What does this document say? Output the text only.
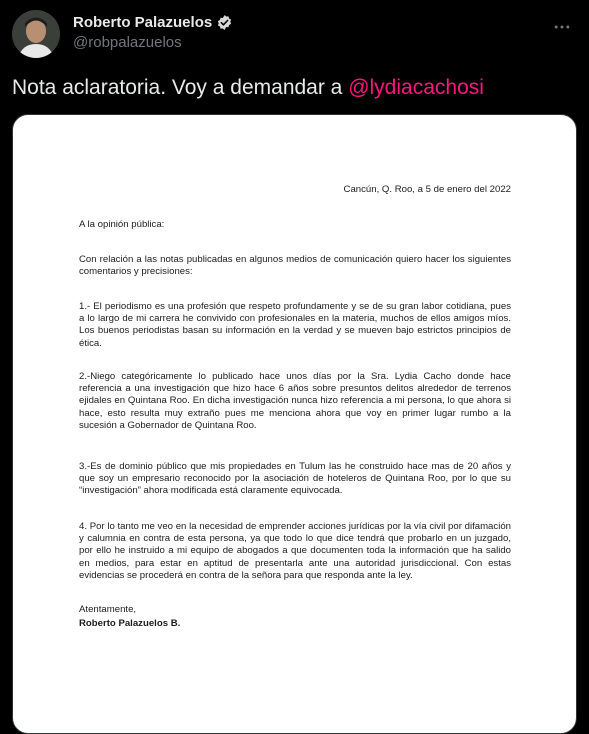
Roberto Palazuelos
@robpalazuelos
Nota aclaratoria. Voy a demandar a @lydiacachosi
Cancún, Q. Roo, a 5 de enero del 2022
A la opinión pública:
Con relación a las notas publicadas en algunos medios de comunicación quiero hacer los siguientes comentarios y precisiones:
1.- El periodismo es una profesión que respeto profundamente y se de su gran labor cotidiana, pues a lo largo de mi carrera he convivido con profesionales en la materia, muchos de ellos amigos míos. Los buenos periodistas basan su información en la verdad y se mueven bajo estrictos principios de ética.
2.-Niego categóricamente lo publicado hace unos días por la Sra. Lydia Cacho donde hace referencia a una investigación que hizo hace 6 años sobre presuntos delitos alrededor de terrenos ejidales en Quintana Roo. En dicha investigación nunca hizo referencia a mi persona, lo que ahora si hace, esto resulta muy extraño pues me menciona ahora que voy en primer lugar rumbo a la sucesión a Gobernador de Quintana Roo.
3.-Es de dominio público que mis propiedades en Tulum las he construido hace mas de 20 años y que soy un empresario reconocido por la asociación de hoteleros de Quintana Roo, por lo que su “investigación” ahora modificada está claramente equivocada.
4. Por lo tanto me veo en la necesidad de emprender acciones jurídicas por la vía civil por difamación y calumnia en contra de esta persona, ya que todo lo que dice tendrá que probarlo en un juzgado, por ello he instruido a mi equipo de abogados a que documenten toda la información que ha salido en medios, para estar en aptitud de presentarla ante una autoridad jurisdiccional. Con estas evidencias se procederá en contra de la señora para que responda ante la ley.
Atentamente,
Roberto Palazuelos B.
